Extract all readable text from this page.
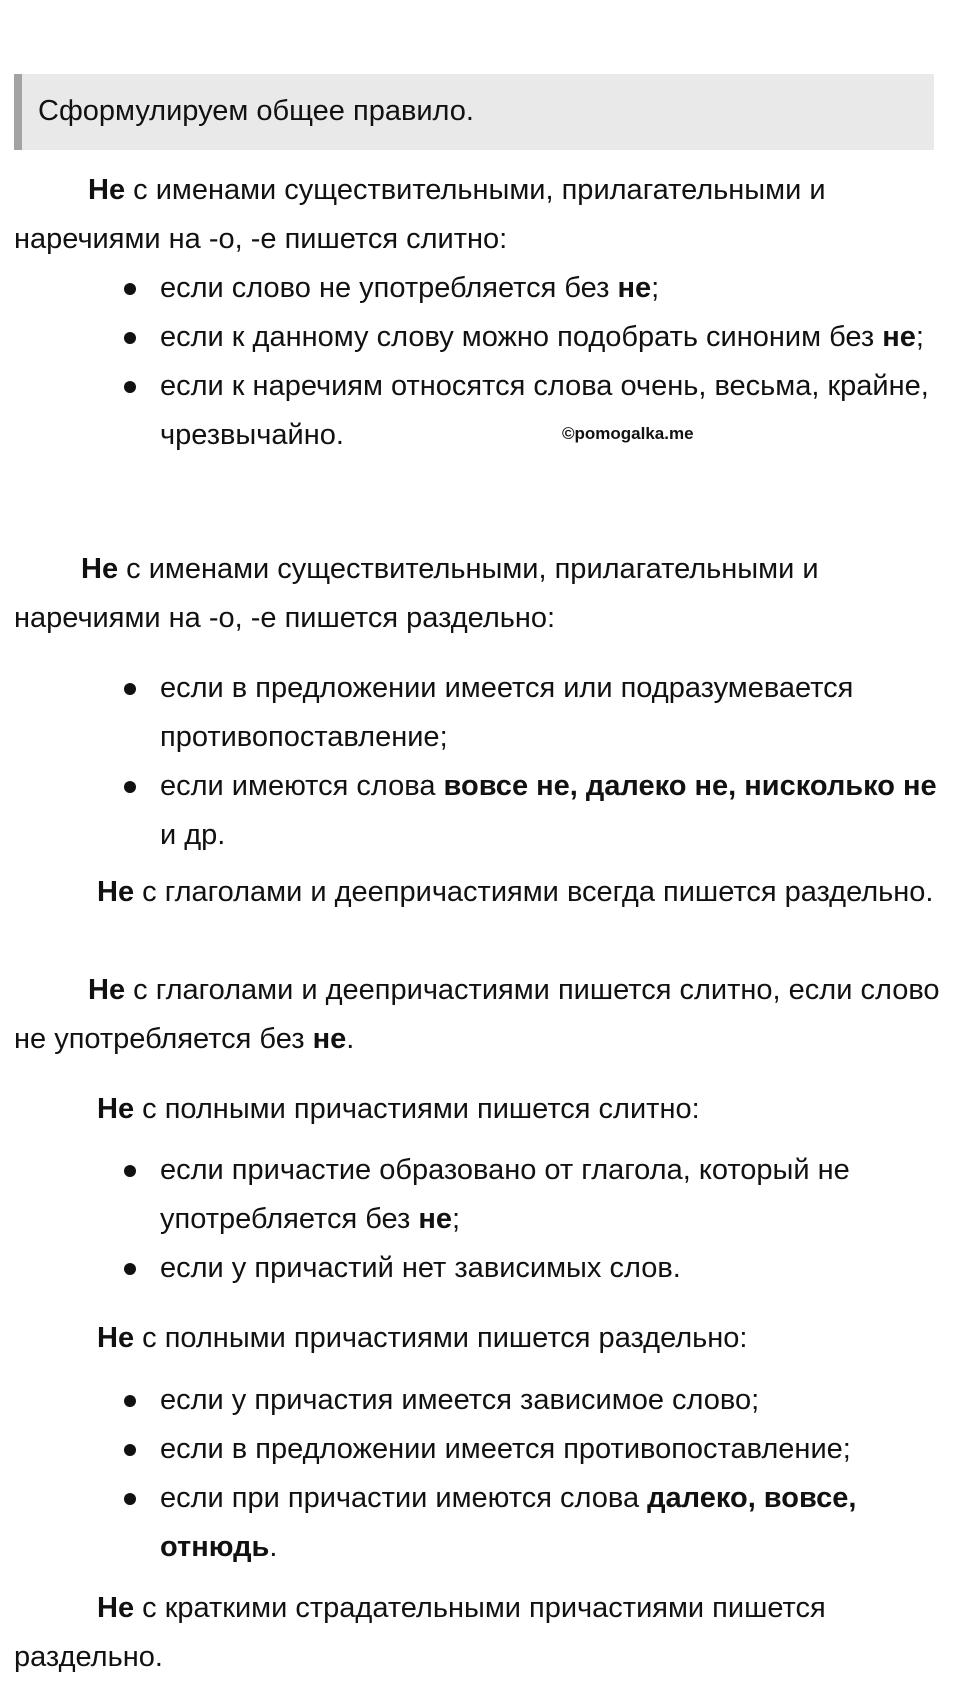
Сформулируем общее правило.
©pomogalka.me

Не с именами существительными, прилагательными и наречиями на -о, -е пишется слитно:

если слово не употребляется без не;
если к данному слову можно подобрать синоним без не;
если к наречиям относятся слова очень, весьма, крайне, чрезвычайно.

Не с именами существительными, прилагательными и наречиями на -о, -е пишется раздельно:

если в предложении имеется или подразумевается противопоставление;
если имеются слова вовсе не, далеко не, нисколько не и др.

Не с глаголами и деепричастиями всегда пишется раздельно.

Не с глаголами и деепричастиями пишется слитно, если слово не употребляется без не.

Не с полными причастиями пишется слитно:

если причастие образовано от глагола, который не употребляется без не;
если у причастий нет зависимых слов.

Не с полными причастиями пишется раздельно:

если у причастия имеется зависимое слово;
если в предложении имеется противопоставление;
если при причастии имеются слова далеко, вовсе, отнюдь.

Не с краткими страдательными причастиями пишется раздельно.
